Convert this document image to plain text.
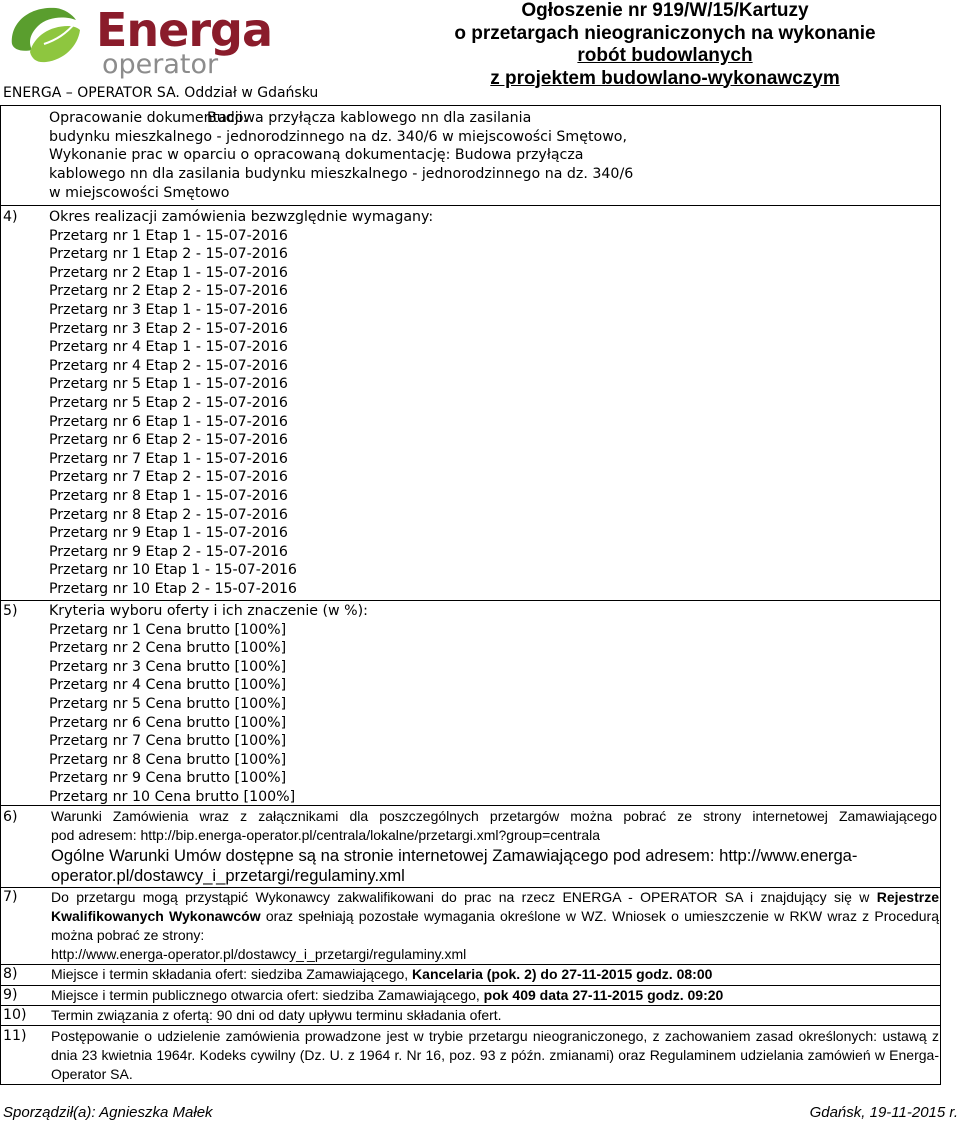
Energa
operator
ENERGA – OPERATOR SA. Oddział w Gdańsku
Ogłoszenie nr 919/W/15/Kartuzy
o przetargach nieograniczonych na wykonanie
robót budowlanych
z projektem budowlano-wykonawczym
Opracowanie dokumentacji:
Budowa przyłącza kablowego nn dla zasilania
budynku mieszkalnego - jednorodzinnego na dz. 340/6 w miejscowości Smętowo,
Wykonanie prac w oparciu o opracowaną dokumentację: Budowa przyłącza
kablowego nn dla zasilania budynku mieszkalnego - jednorodzinnego na dz. 340/6
w miejscowości Smętowo
4) Okres realizacji zamówienia bezwzględnie wymagany:
Przetarg nr 1 Etap 1 - 15-07-2016
Przetarg nr 1 Etap 2 - 15-07-2016
Przetarg nr 2 Etap 1 - 15-07-2016
Przetarg nr 2 Etap 2 - 15-07-2016
Przetarg nr 3 Etap 1 - 15-07-2016
Przetarg nr 3 Etap 2 - 15-07-2016
Przetarg nr 4 Etap 1 - 15-07-2016
Przetarg nr 4 Etap 2 - 15-07-2016
Przetarg nr 5 Etap 1 - 15-07-2016
Przetarg nr 5 Etap 2 - 15-07-2016
Przetarg nr 6 Etap 1 - 15-07-2016
Przetarg nr 6 Etap 2 - 15-07-2016
Przetarg nr 7 Etap 1 - 15-07-2016
Przetarg nr 7 Etap 2 - 15-07-2016
Przetarg nr 8 Etap 1 - 15-07-2016
Przetarg nr 8 Etap 2 - 15-07-2016
Przetarg nr 9 Etap 1 - 15-07-2016
Przetarg nr 9 Etap 2 - 15-07-2016
Przetarg nr 10 Etap 1 - 15-07-2016
Przetarg nr 10 Etap 2 - 15-07-2016
5) Kryteria wyboru oferty i ich znaczenie (w %):
Przetarg nr 1 Cena brutto [100%]
Przetarg nr 2 Cena brutto [100%]
Przetarg nr 3 Cena brutto [100%]
Przetarg nr 4 Cena brutto [100%]
Przetarg nr 5 Cena brutto [100%]
Przetarg nr 6 Cena brutto [100%]
Przetarg nr 7 Cena brutto [100%]
Przetarg nr 8 Cena brutto [100%]
Przetarg nr 9 Cena brutto [100%]
Przetarg nr 10 Cena brutto [100%]
6) Warunki Zamówienia wraz z załącznikami dla poszczególnych przetargów można pobrać ze strony internetowej Zamawiającego
pod adresem: http://bip.energa-operator.pl/centrala/lokalne/przetargi.xml?group=centrala
Ogólne Warunki Umów dostępne są na stronie internetowej Zamawiającego pod adresem: http://www.energa-
operator.pl/dostawcy_i_przetargi/regulaminy.xml
7) Do przetargu mogą przystąpić Wykonawcy zakwalifikowani do prac na rzecz ENERGA - OPERATOR SA i znajdujący się w Rejestrze Kwalifikowanych Wykonawców oraz spełniają pozostałe wymagania określone w WZ. Wniosek o umieszczenie w RKW wraz z Procedurą można pobrać ze strony:
http://www.energa-operator.pl/dostawcy_i_przetargi/regulaminy.xml
8) Miejsce i termin składania ofert: siedziba Zamawiającego, Kancelaria (pok. 2) do 27-11-2015 godz. 08:00
9) Miejsce i termin publicznego otwarcia ofert: siedziba Zamawiającego, pok 409 data 27-11-2015 godz. 09:20
10) Termin związania z ofertą: 90 dni od daty upływu terminu składania ofert.
11) Postępowanie o udzielenie zamówienia prowadzone jest w trybie przetargu nieograniczonego, z zachowaniem zasad określonych: ustawą z dnia 23 kwietnia 1964r. Kodeks cywilny (Dz. U. z 1964 r. Nr 16, poz. 93 z późn. zmianami) oraz Regulaminem udzielania zamówień w Energa-Operator SA.
Sporządził(a): Agnieszka Małek	Gdańsk, 19-11-2015 r.
